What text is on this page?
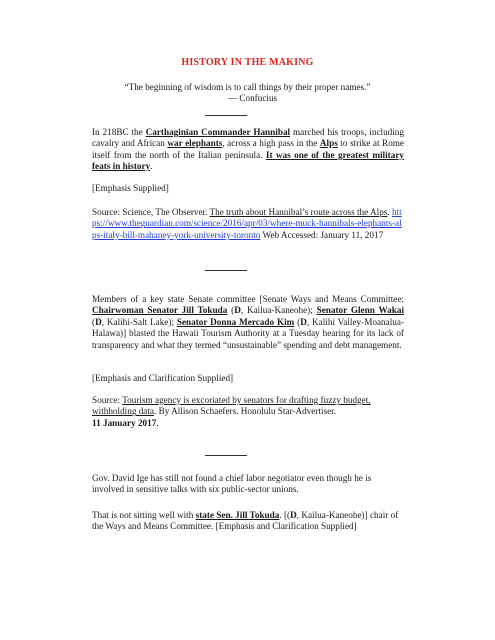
HISTORY IN THE MAKING
“The beginning of wisdom is to call things by their proper names.”
― Confucius

In 218BC the Carthaginian Commander Hannibal marched his troops, including cavalry and African war elephants, across a high pass in the Alps to strike at Rome itself from the north of the Italian peninsula. It was one of the greatest military feats in history.

[Emphasis Supplied]

Source: Science, The Observer. The truth about Hannibal’s route across the Alps. https://www.theguardian.com/science/2016/apr/03/where-muck-hannibals-elephants-alps-italy-bill-mahaney-york-university-toronto Web Accessed: January 11, 2017

Members of a key state Senate committee [Senate Ways and Means Committee: Chairwoman Senator Jill Tokuda (D, Kailua-Kaneohe); Senator Glenn Wakai (D, Kalihi-Salt Lake); Senator Donna Mercado Kim (D, Kalihi Valley-Moanalua-Halawa)] blasted the Hawaii Tourism Authority at a Tuesday hearing for its lack of transparency and what they termed “unsustainable” spending and debt management.

[Emphasis and Clarification Supplied]

Source: Tourism agency is excoriated by senators for drafting fuzzy budget, withholding data. By Allison Schaefers. Honolulu Star-Advertiser.
11 January 2017.

Gov. David Ige has still not found a chief labor negotiator even though he is involved in sensitive talks with six public-sector unions.

That is not sitting well with state Sen. Jill Tokuda. [(D, Kailua-Kaneohe)] chair of the Ways and Means Committee. [Emphasis and Clarification Supplied]
